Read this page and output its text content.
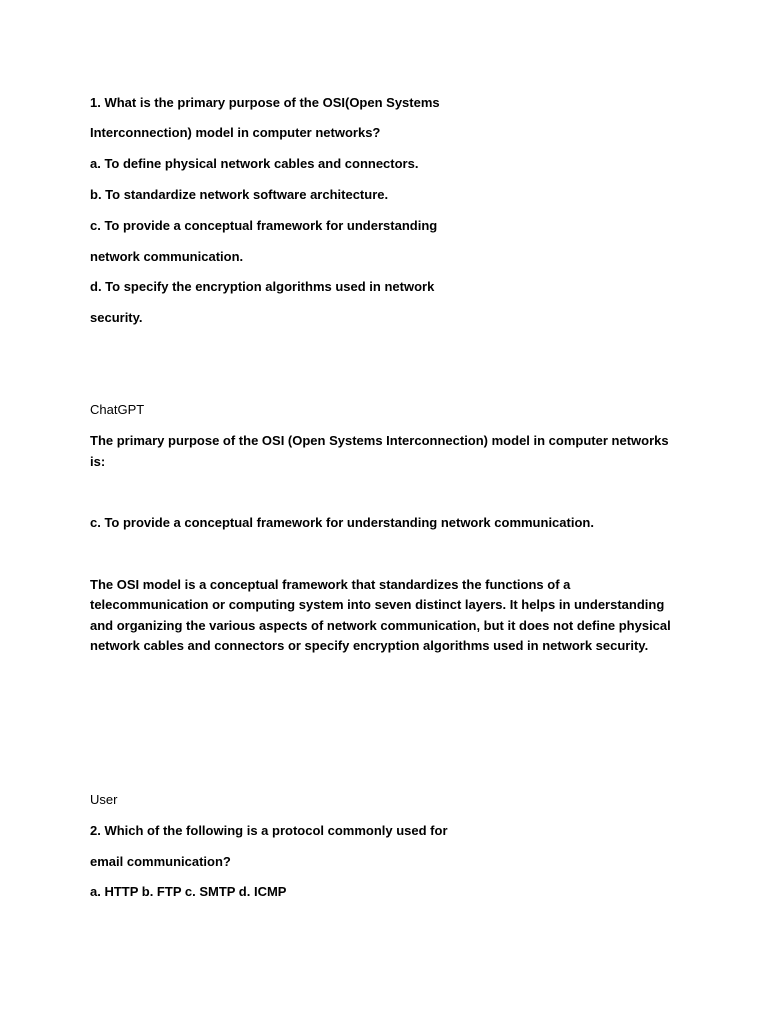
1. What is the primary purpose of the OSI(Open Systems
Interconnection) model in computer networks?
a. To define physical network cables and connectors.
b. To standardize network software architecture.
c. To provide a conceptual framework for understanding
network communication.
d. To specify the encryption algorithms used in network
security.
ChatGPT
The primary purpose of the OSI (Open Systems Interconnection) model in computer networks
is:
c. To provide a conceptual framework for understanding network communication.
The OSI model is a conceptual framework that standardizes the functions of a
telecommunication or computing system into seven distinct layers. It helps in understanding
and organizing the various aspects of network communication, but it does not define physical
network cables and connectors or specify encryption algorithms used in network security.
User
2. Which of the following is a protocol commonly used for
email communication?
a. HTTP b. FTP c. SMTP d. ICMP
